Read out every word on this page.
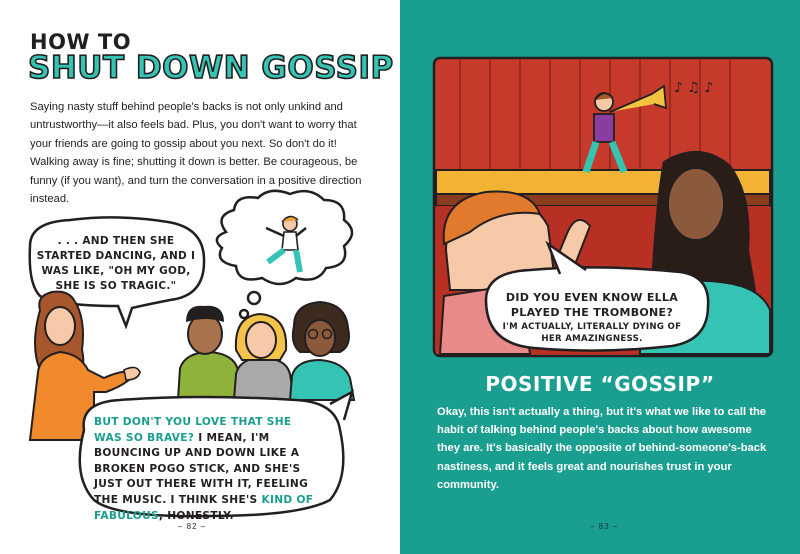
♪ ♫ ♪
HOW TO
SHUT DOWN GOSSIP

Saying nasty stuff behind people's backs is not only unkind and untrustworthy—it also feels bad. Plus, you don't want to worry that your friends are going to gossip about you next. So don't do it! Walking away is fine; shutting it down is better. Be courageous, be funny (if you want), and turn the conversation in a positive direction instead.

. . . AND THEN SHE STARTED DANCING, AND I WAS LIKE, "OH MY GOD, SHE IS SO TRAGIC."
BUT DON'T YOU LOVE THAT SHE WAS SO BRAVE? I MEAN, I'M BOUNCING UP AND DOWN LIKE A BROKEN POGO STICK, AND SHE'S JUST OUT THERE WITH IT, FEELING THE MUSIC. I THINK SHE'S KIND OF FABULOUS, HONESTLY.
– 82 –
DID YOU EVEN KNOW ELLA PLAYED THE TROMBONE?
I'M ACTUALLY, LITERALLY DYING OF HER AMAZINGNESS.
POSITIVE “GOSSIP”

Okay, this isn't actually a thing, but it's what we like to call the habit of talking behind people's backs about how awesome they are. It's basically the opposite of behind-someone's-back nastiness, and it feels great and nourishes trust in your community.

– 83 –
